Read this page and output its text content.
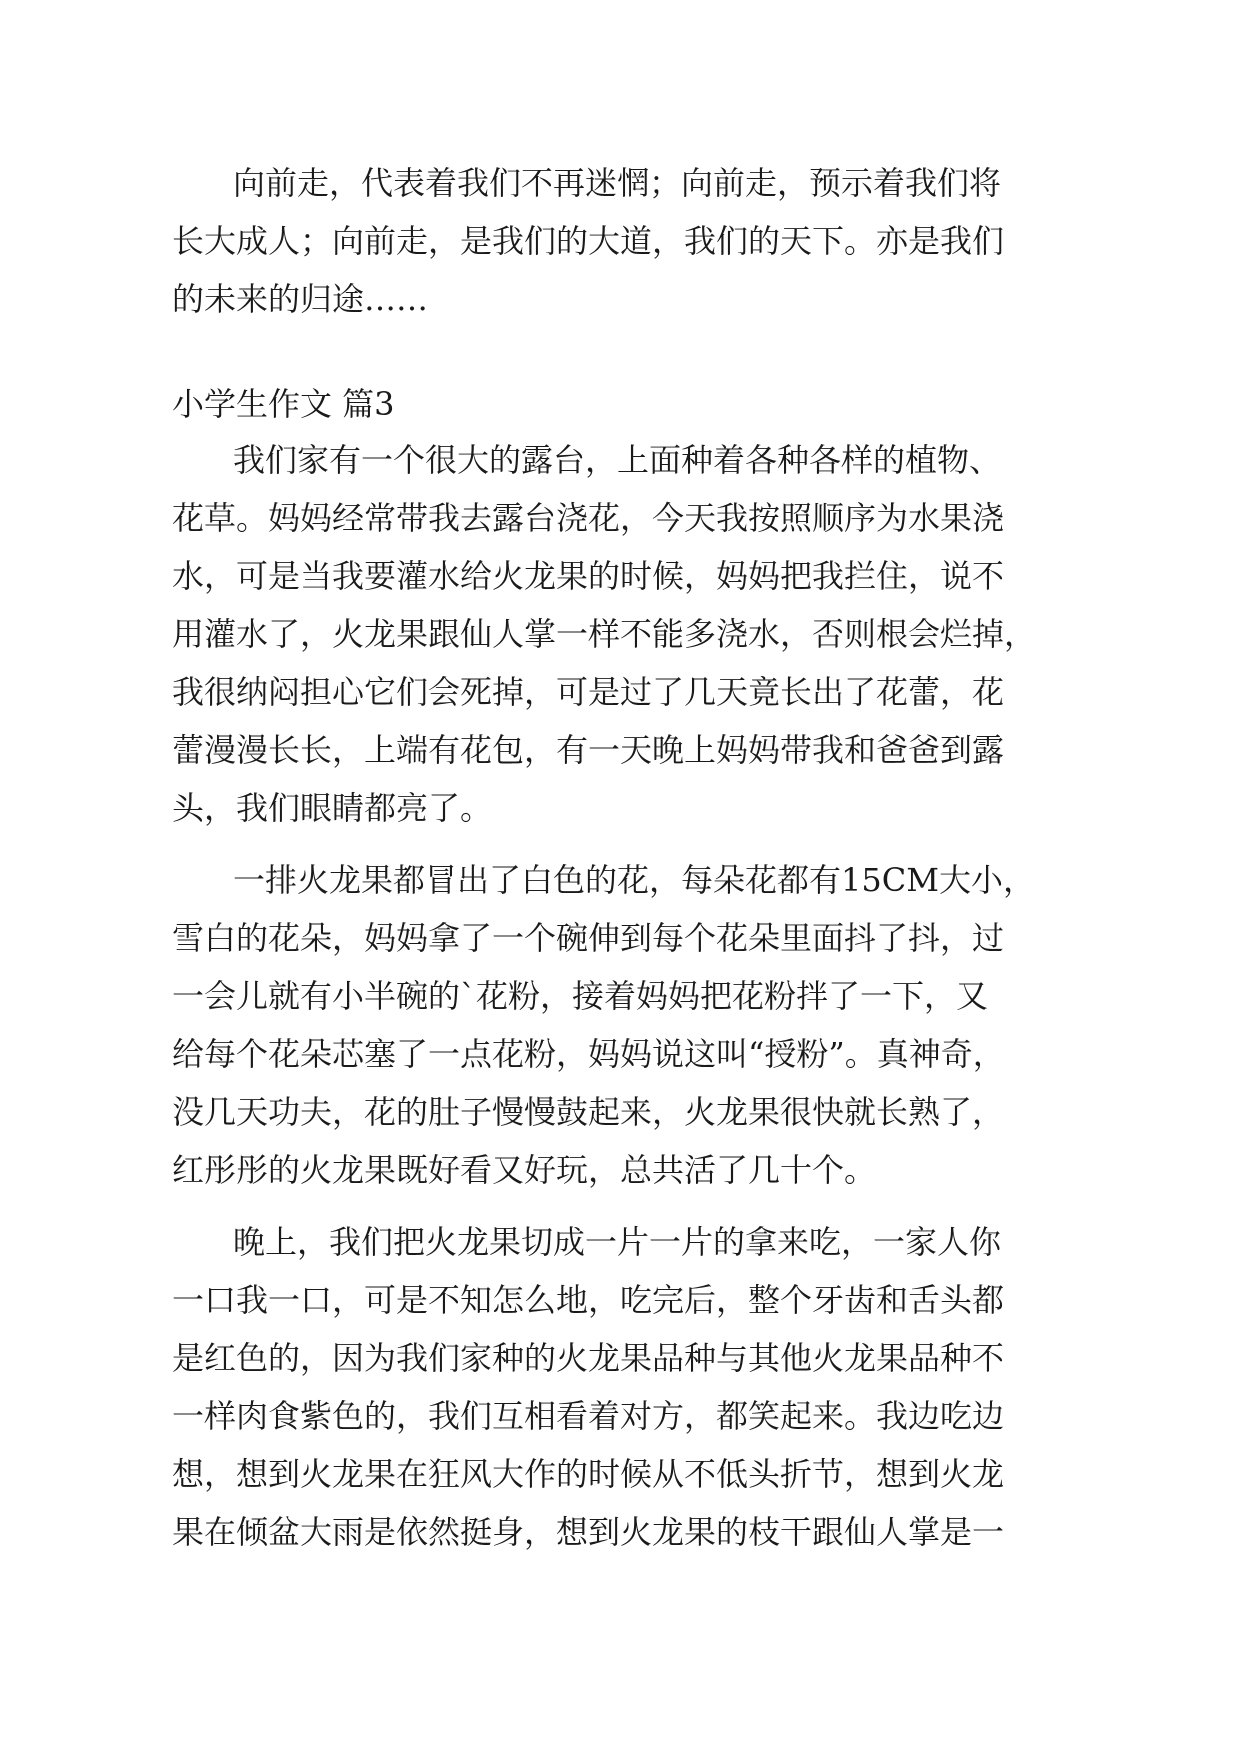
向前走，代表着我们不再迷惘；向前走，预示着我们将
长大成人；向前走，是我们的大道，我们的天下。亦是我们
的未来的归途……
小学生作文 篇3
我们家有一个很大的露台，上面种着各种各样的植物、
花草。妈妈经常带我去露台浇花，今天我按照顺序为水果浇
水，可是当我要灌水给火龙果的时候，妈妈把我拦住，说不
用灌水了，火龙果跟仙人掌一样不能多浇水，否则根会烂掉，
我很纳闷担心它们会死掉，可是过了几天竟长出了花蕾，花
蕾漫漫长长，上端有花包，有一天晚上妈妈带我和爸爸到露
头，我们眼睛都亮了。
一排火龙果都冒出了白色的花，每朵花都有15CM大小，
雪白的花朵，妈妈拿了一个碗伸到每个花朵里面抖了抖，过
一会儿就有小半碗的`花粉，接着妈妈把花粉拌了一下，又
给每个花朵芯塞了一点花粉，妈妈说这叫“授粉”。真神奇，
没几天功夫，花的肚子慢慢鼓起来，火龙果很快就长熟了，
红彤彤的火龙果既好看又好玩，总共活了几十个。
晚上，我们把火龙果切成一片一片的拿来吃，一家人你
一口我一口，可是不知怎么地，吃完后，整个牙齿和舌头都
是红色的，因为我们家种的火龙果品种与其他火龙果品种不
一样肉食紫色的，我们互相看着对方，都笑起来。我边吃边
想，想到火龙果在狂风大作的时候从不低头折节，想到火龙
果在倾盆大雨是依然挺身，想到火龙果的枝干跟仙人掌是一
